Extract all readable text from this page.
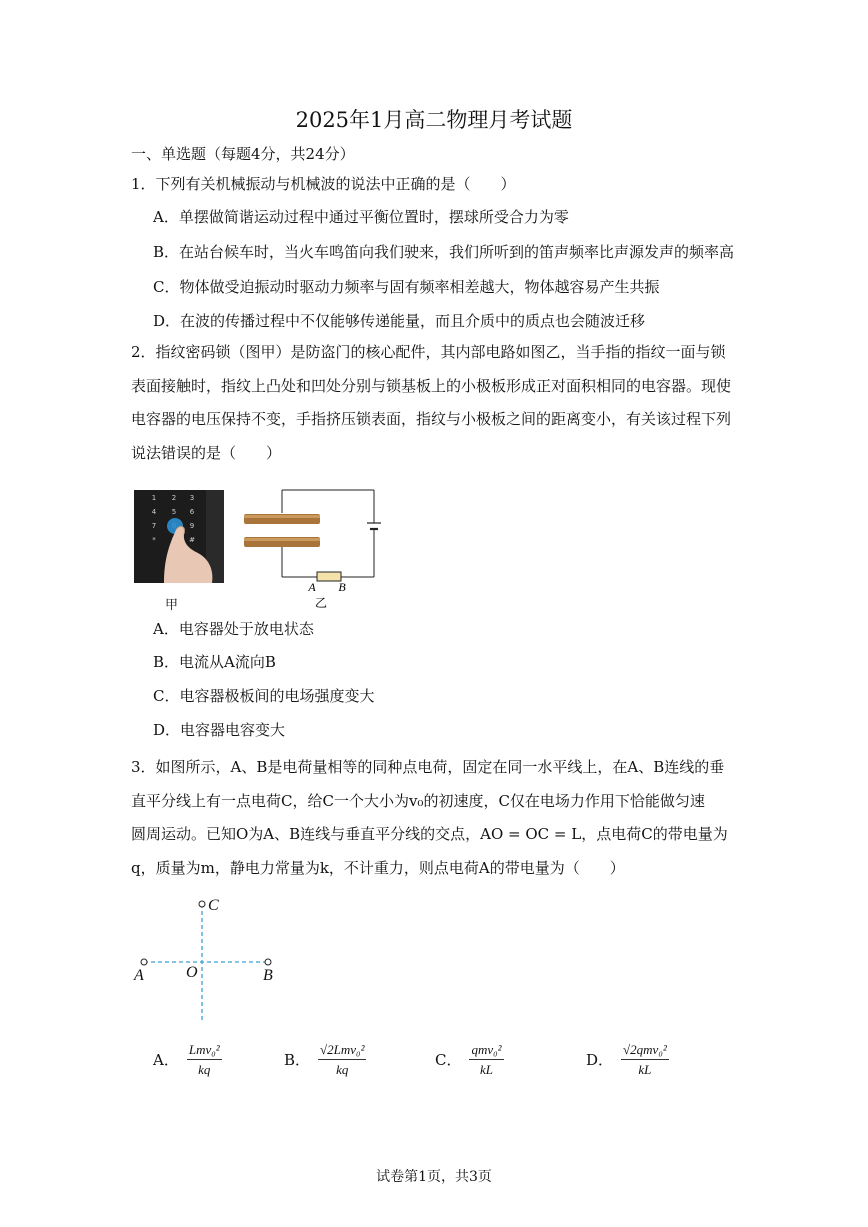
2025年1月高二物理月考试题
一、单选题（每题4分，共24分）
1．下列有关机械振动与机械波的说法中正确的是（　　）
A．单摆做简谐运动过程中通过平衡位置时，摆球所受合力为零
B．在站台候车时，当火车鸣笛向我们驶来，我们所听到的笛声频率比声源发声的频率高
C．物体做受迫振动时驱动力频率与固有频率相差越大，物体越容易产生共振
D．在波的传播过程中不仅能够传递能量，而且介质中的质点也会随波迁移
2．指纹密码锁（图甲）是防盗门的核心配件，其内部电路如图乙，当手指的指纹一面与锁
表面接触时，指纹上凸处和凹处分别与锁基板上的小极板形成正对面积相同的电容器。现使
电容器的电压保持不变，手指挤压锁表面，指纹与小极板之间的距离变小，有关该过程下列
说法错误的是（　　）
1 2 3
4 5 6
7	9
*	#
A B
乙
甲
A．电容器处于放电状态
B．电流从A流向B
C．电容器极板间的电场强度变大
D．电容器电容变大
3．如图所示，A、B是电荷量相等的同种点电荷，固定在同一水平线上，在A、B连线的垂
直平分线上有一点电荷C，给C一个大小为v₀的初速度，C仅在电场力作用下恰能做匀速
圆周运动。已知O为A、B连线与垂直平分线的交点，AO = OC = L，点电荷C的带电量为
q，质量为m，静电力常量为k，不计重力，则点电荷A的带电量为（　　）
C
A	O	B
A． $\frac{\text{Lmv₀²}}{kq}$	B． $\frac{\text{√2Lmv₀²}}{kq}$	C． $\frac{\text{qmv₀²}}{kL}$	D． $\frac{\text{√2qmv₀²}}{kL}$
试卷第1页，共3页
